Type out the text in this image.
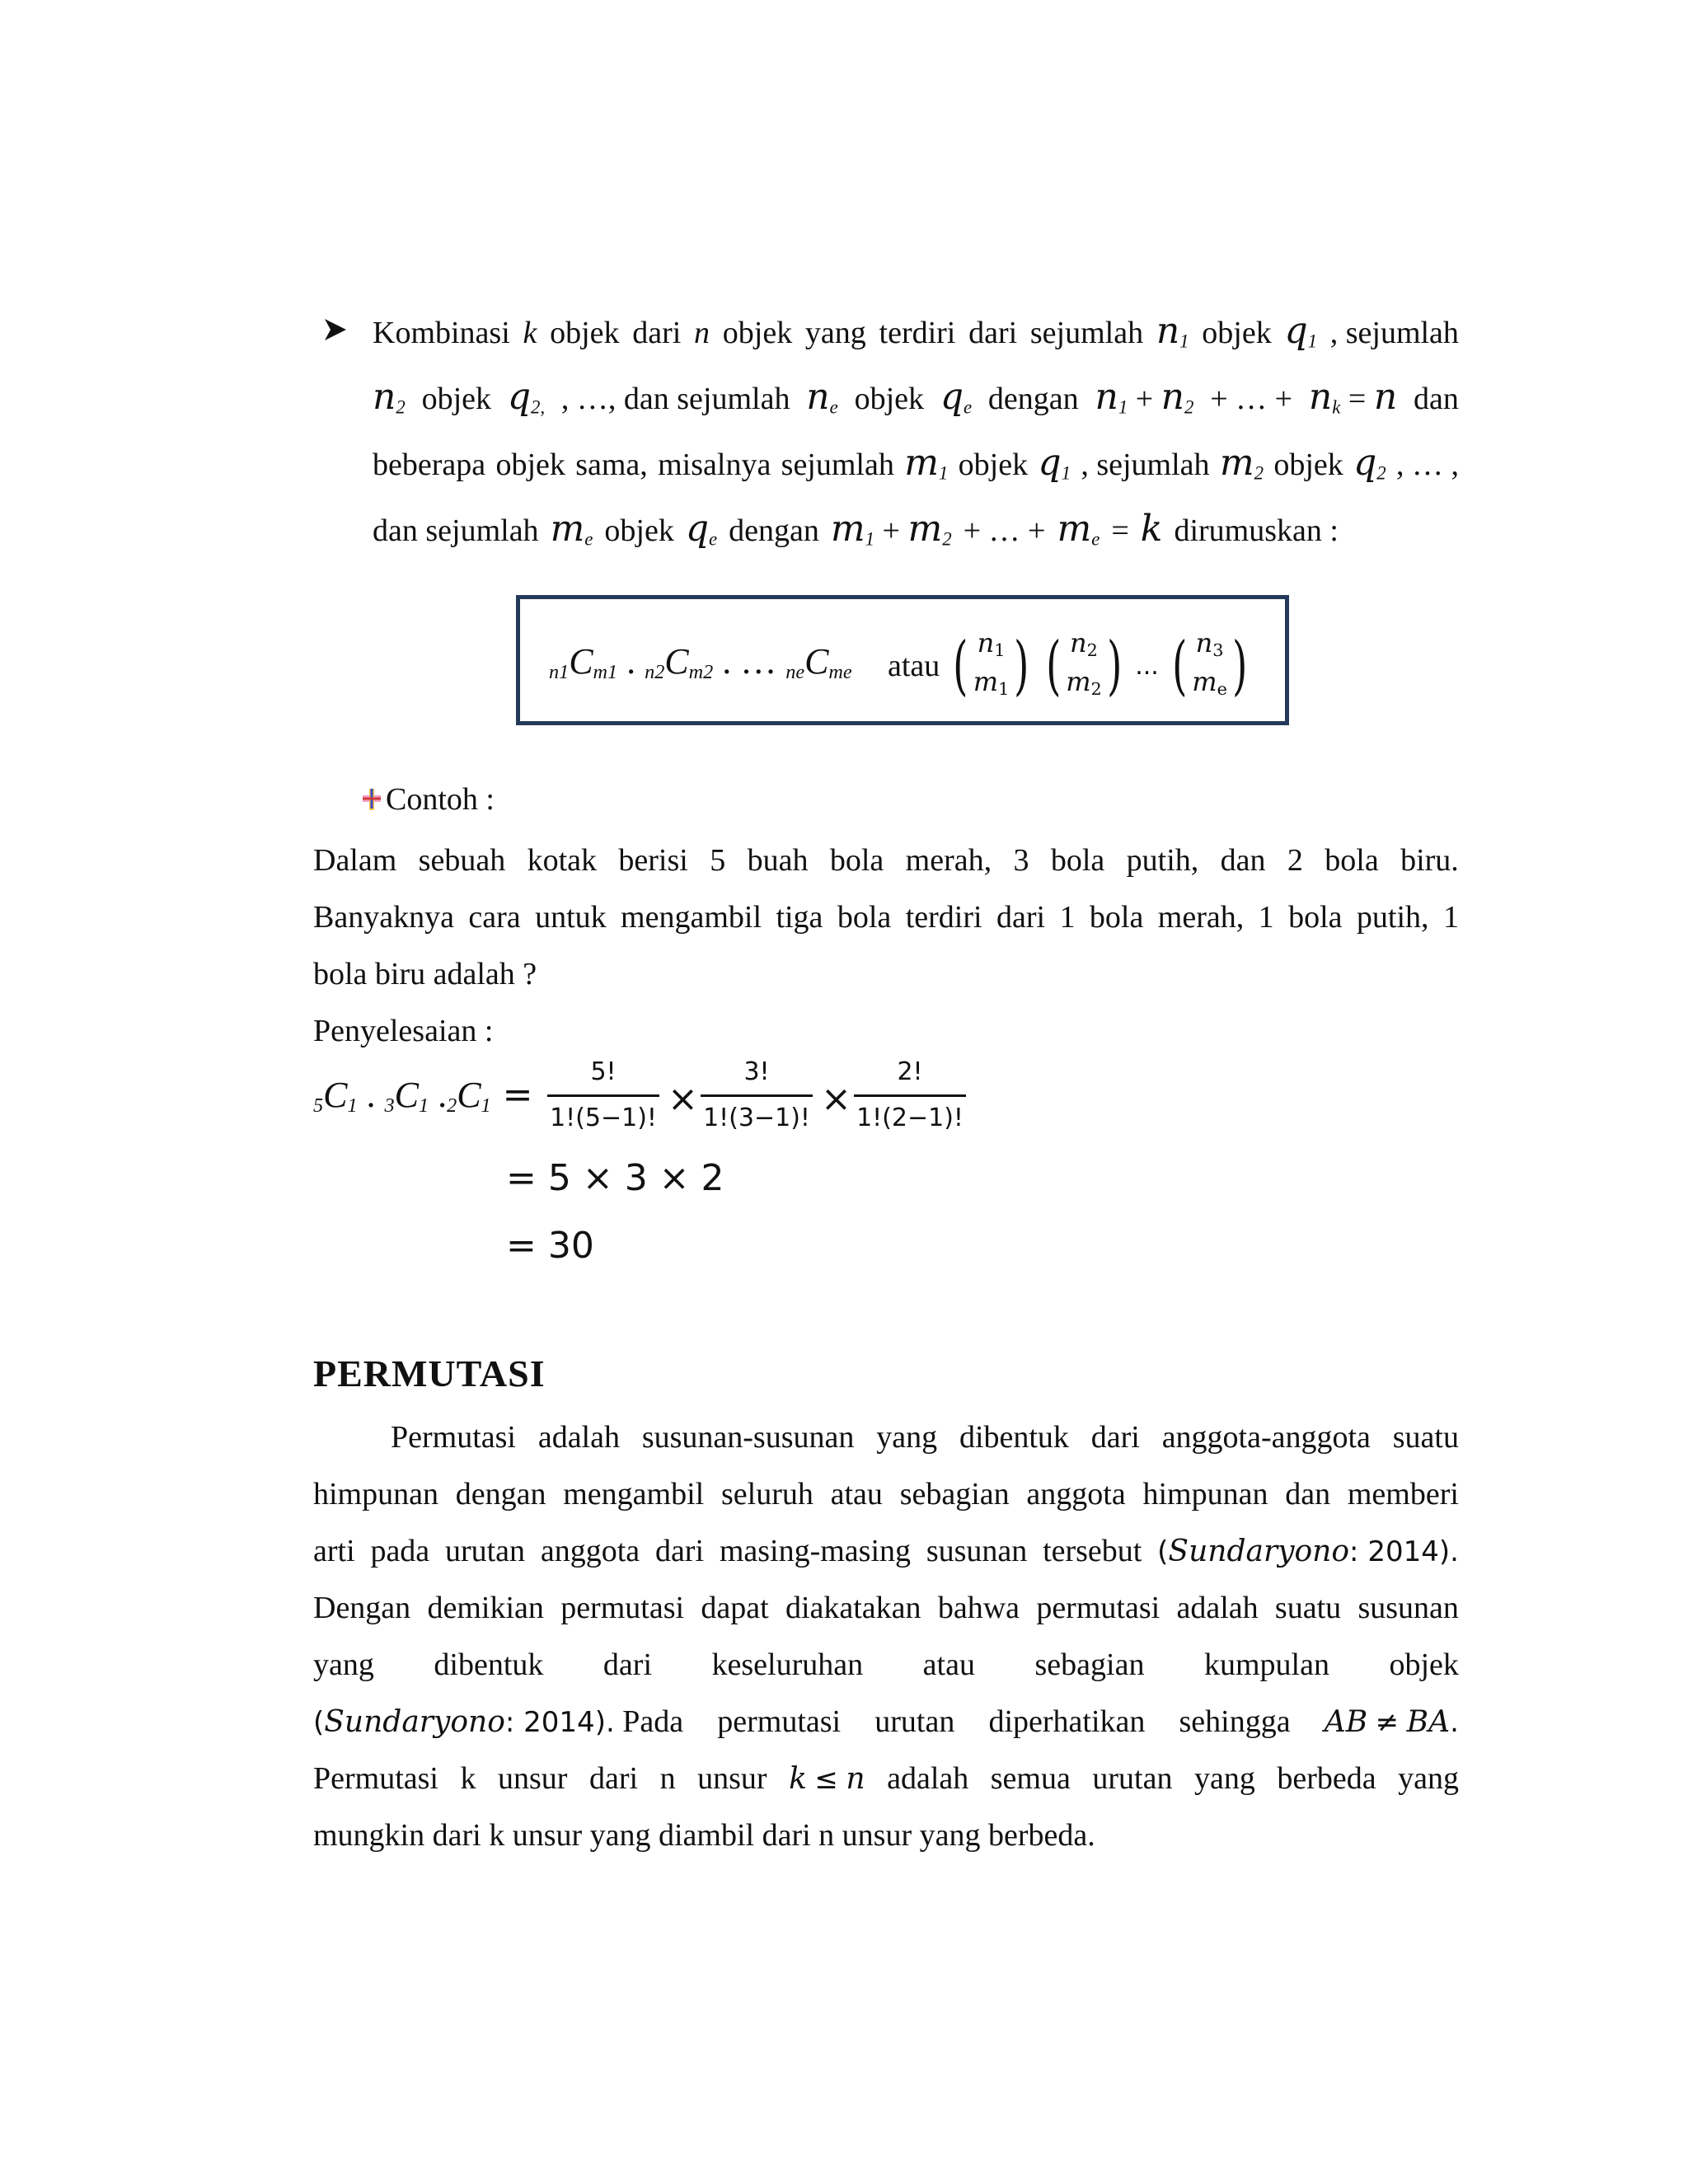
Kombinasi k objek dari n objek yang terdiri dari sejumlah $n_1$ objek $q_1$ , sejumlah
$n_2$ objek $q_{2,}$ , …, dan sejumlah $n_e$ objek $q_e$ dengan $n_1 + n_2$ + … + $n_k = n$ dan
beberapa objek sama, misalnya sejumlah $m_1$ objek $q_1$ , sejumlah $m_2$ objek $q_2$ , … ,
dan sejumlah $m_e$ objek $q_e$ dengan $m_1 + m_2$ + … + $m_e = k$ dirumuskan :
$_{n1}C_{m1}$ . $_{n2}C_{m2}$ . … $_{ne}C_{me}$ atau ( $n_1$
$m_1$ ) ( $n_2$
$m_2$ ) ... ( $n_3$
$m_e$ )
Contoh :
Dalam sebuah kotak berisi 5 buah bola merah, 3 bola putih, dan 2 bola biru.
Banyaknya cara untuk mengambil tiga bola terdiri dari 1 bola merah, 1 bola putih, 1
bola biru adalah ?
Penyelesaian :
$_5C_1$ . $_3C_1$ $._2C_1$ =
5!
1!(5−1)! ×
3!
1!(3−1)! ×
2!
1!(2−1)!
= 5 × 3 × 2
= 30
PERMUTASI
Permutasi adalah susunan-susunan yang dibentuk dari anggota-anggota suatu
himpunan dengan mengambil seluruh atau sebagian anggota himpunan dan memberi
arti pada urutan anggota dari masing-masing susunan tersebut (Sundaryono: 2014).
Dengan demikian permutasi dapat diakatakan bahwa permutasi adalah suatu susunan
yang dibentuk dari keseluruhan atau sebagian kumpulan objek
(Sundaryono: 2014). Pada permutasi urutan diperhatikan sehingga AB ≠ BA.
Permutasi k unsur dari n unsur k ≤ n adalah semua urutan yang berbeda yang
mungkin dari k unsur yang diambil dari n unsur yang berbeda.
